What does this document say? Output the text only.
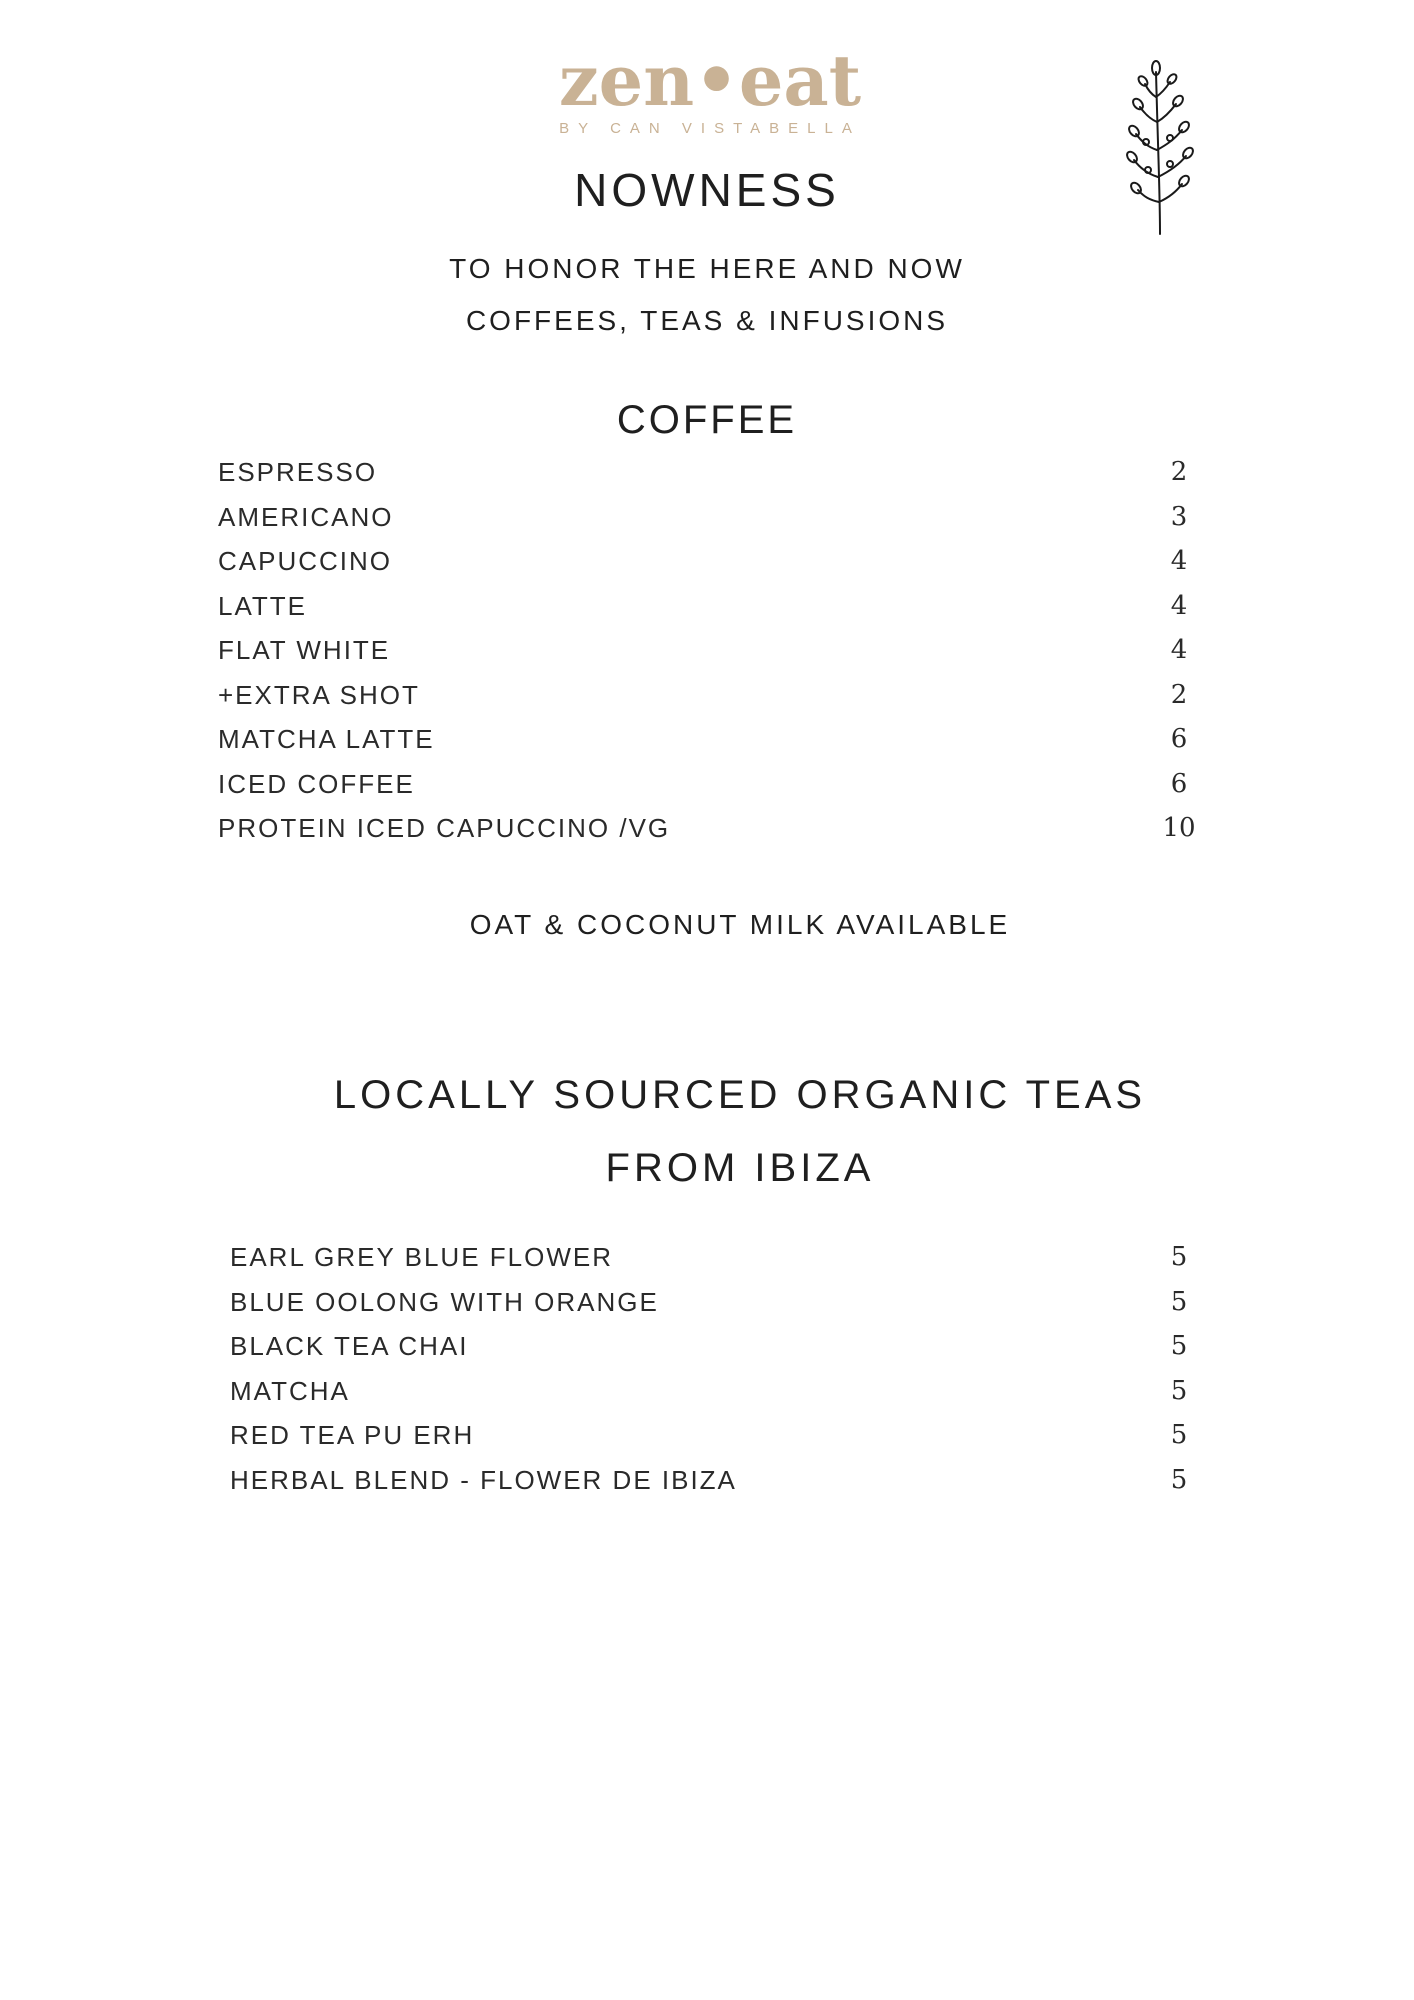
zen•eat
BY CAN VISTABELLA
NOWNESS
TO HONOR THE HERE AND NOW
COFFEES, TEAS & INFUSIONS
COFFEE
ESPRESSO	2
AMERICANO	3
CAPUCCINO	4
LATTE	4
FLAT WHITE	4
+EXTRA SHOT	2
MATCHA LATTE	6
ICED COFFEE	6
PROTEIN ICED CAPUCCINO /VG	10
OAT & COCONUT MILK AVAILABLE
LOCALLY SOURCED ORGANIC TEAS
FROM IBIZA
EARL GREY BLUE FLOWER	5
BLUE OOLONG WITH ORANGE	5
BLACK TEA CHAI	5
MATCHA	5
RED TEA PU ERH	5
HERBAL BLEND - FLOWER DE IBIZA	5
